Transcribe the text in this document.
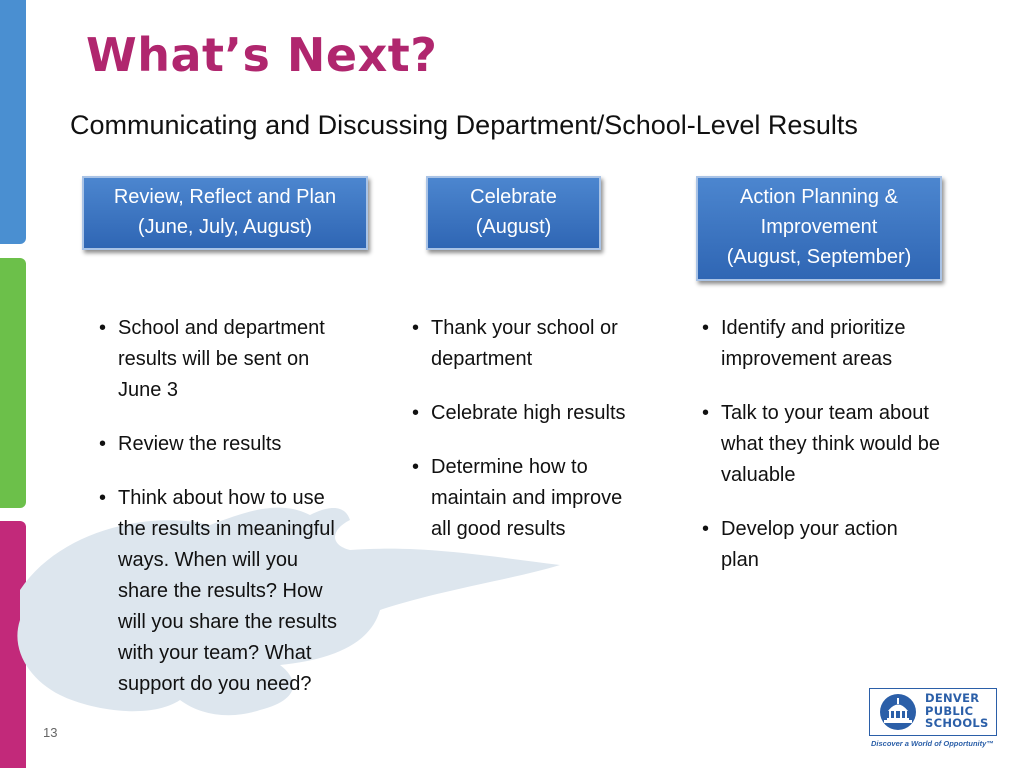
What’s Next?
Communicating and Discussing Department/School-Level Results
Review, Reflect and Plan
(June, July, August)
Celebrate
(August)
Action Planning &
Improvement
(August, September)
• School and department results will be sent on June 3
• Review the results
• Think about how to use the results in meaningful ways. When will you share the results? How will you share the results with your team? What support do you need?
• Thank your school or department
• Celebrate high results
• Determine how to maintain and improve all good results
• Identify and prioritize improvement areas
• Talk to your team about what they think would be valuable
• Develop your action plan
13
DENVER
PUBLIC
SCHOOLS
Discover a World of Opportunity™
